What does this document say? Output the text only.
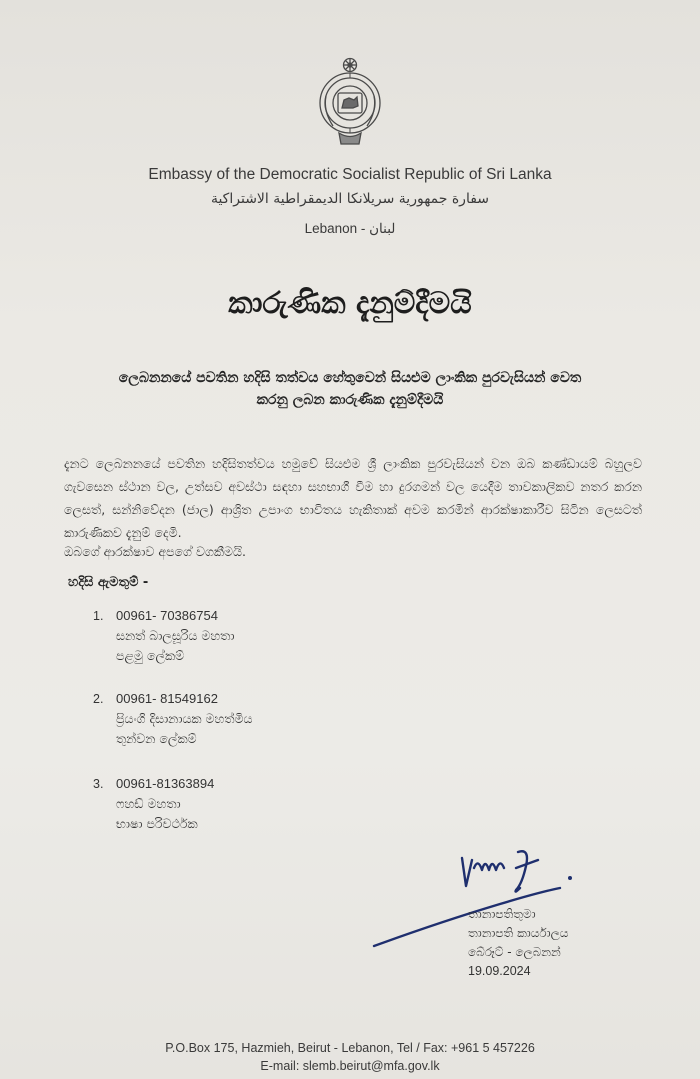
Embassy of the Democratic Socialist Republic of Sri Lanka
سفارة جمهورية سريلانكا الديمقراطية الاشتراكية
Lebanon - لبنان
කාරුණික දැනුම්දීමයි
ලෙබනනයේ පවතින හදිසි තත්වය හේතුවෙන් සියළුම ලාංකික පුරවැසියන් වෙත
කරනු ලබන කාරුණික දැනුම්දීමයි
දැනට ලෙබනනයේ පවතින හදිසිතත්වය හමුවේ සියළුම ශ්‍රී ලාංකික පුරවැසියන් වන ඔබ කණ්ඩායම් බහුලව ගැවසෙන ස්ථාන වල, උත්සව අවස්ථා සඳහා සහභාගී වීම හා දුරගමන් වල යෙදීම තාවකාලිකව නතර කරන ලෙසත්, සන්නිවේදන (ජාල) ආශ්‍රිත උපාංග භාවිතය හැකිතාක් අවම කරමින් ආරක්ෂාකාරීව සිටින ලෙසටත් කාරුණිකව දැනුම් දෙමි.
ඔබගේ ආරක්ෂාව අපගේ වගකීමයි.
හදිසි ඇමතුම් -
1. 00961- 70386754
සනත් බාලසූරිය මහතා
පළමු ලේකම්
2. 00961- 81549162
ප්‍රියංගි දිසානායක මහත්මිය
තුන්වන ලේකම්
3. 00961-81363894
ෆහඩ් මහතා
භාෂා පරිවර්ථක
තානාපතිතුමා
තානාපති කාර්යාලය
බේරූට් - ලෙබනන්
19.09.2024
P.O.Box 175, Hazmieh, Beirut - Lebanon, Tel / Fax: +961 5 457226
E-mail: slemb.beirut@mfa.gov.lk
